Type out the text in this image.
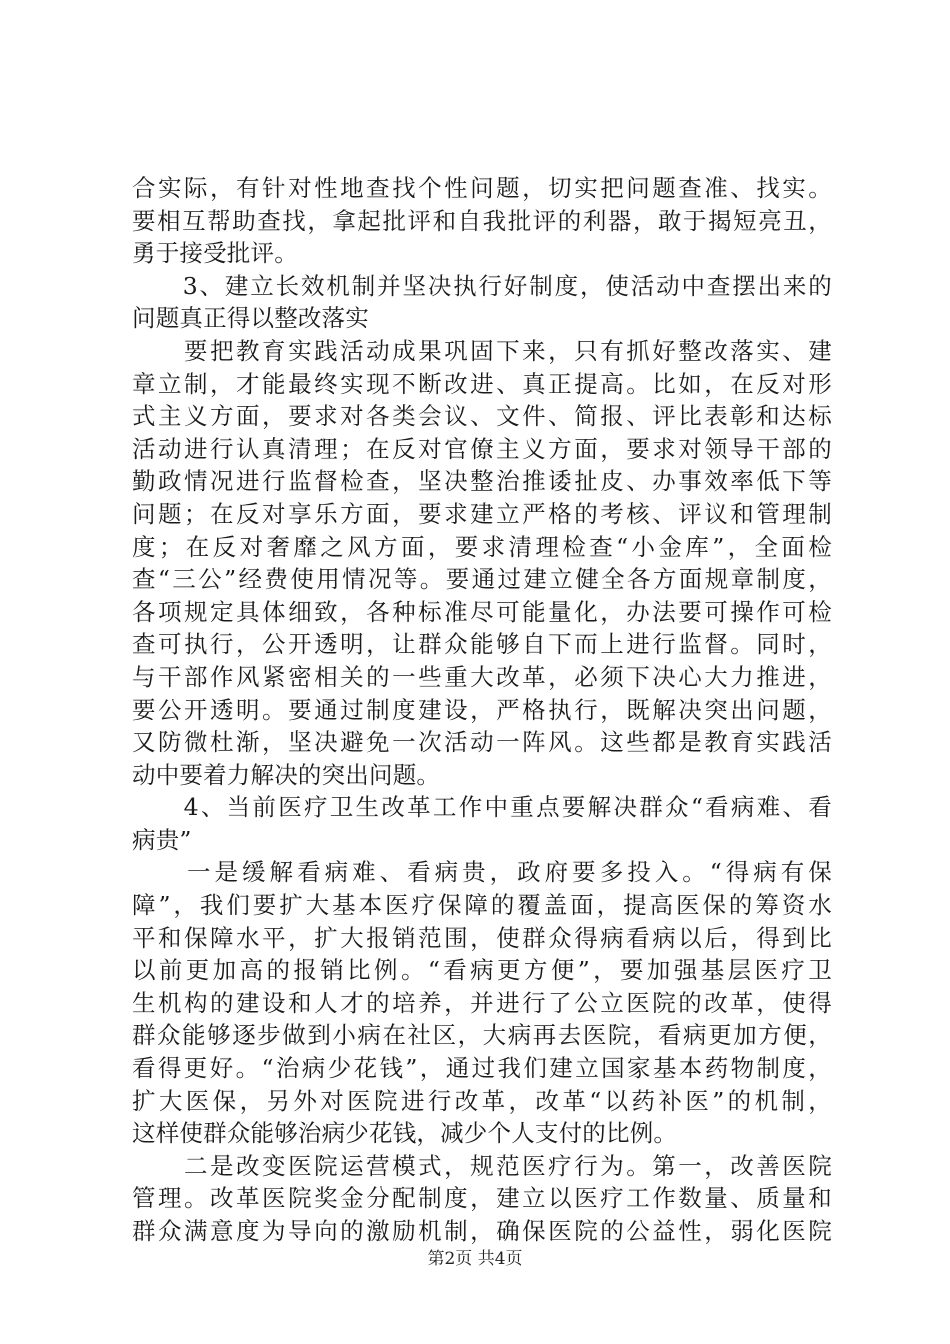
合实际，有针对性地查找个性问题，切实把问题查准、找实。
要相互帮助查找，拿起批评和自我批评的利器，敢于揭短亮丑，
勇于接受批评。
　　3、建立长效机制并坚决执行好制度，使活动中查摆出来的
问题真正得以整改落实
　　要把教育实践活动成果巩固下来，只有抓好整改落实、建
章立制，才能最终实现不断改进、真正提高。比如，在反对形
式主义方面，要求对各类会议、文件、简报、评比表彰和达标
活动进行认真清理；在反对官僚主义方面，要求对领导干部的
勤政情况进行监督检查，坚决整治推诿扯皮、办事效率低下等
问题；在反对享乐方面，要求建立严格的考核、评议和管理制
度；在反对奢靡之风方面，要求清理检查“小金库”，全面检
查“三公”经费使用情况等。要通过建立健全各方面规章制度，
各项规定具体细致，各种标准尽可能量化，办法要可操作可检
查可执行，公开透明，让群众能够自下而上进行监督。同时，
与干部作风紧密相关的一些重大改革，必须下决心大力推进，
要公开透明。要通过制度建设，严格执行，既解决突出问题，
又防微杜渐，坚决避免一次活动一阵风。这些都是教育实践活
动中要着力解决的突出问题。
　　4、当前医疗卫生改革工作中重点要解决群众“看病难、看
病贵”
　　一是缓解看病难、看病贵，政府要多投入。“得病有保
障”，我们要扩大基本医疗保障的覆盖面，提高医保的筹资水
平和保障水平，扩大报销范围，使群众得病看病以后，得到比
以前更加高的报销比例。“看病更方便”，要加强基层医疗卫
生机构的建设和人才的培养，并进行了公立医院的改革，使得
群众能够逐步做到小病在社区，大病再去医院，看病更加方便，
看得更好。“治病少花钱”，通过我们建立国家基本药物制度，
扩大医保，另外对医院进行改革，改革“以药补医”的机制，
这样使群众能够治病少花钱，减少个人支付的比例。
　　二是改变医院运营模式，规范医疗行为。第一，改善医院
管理。改革医院奖金分配制度，建立以医疗工作数量、质量和
群众满意度为导向的激励机制，确保医院的公益性，弱化医院
第2页 共4页
